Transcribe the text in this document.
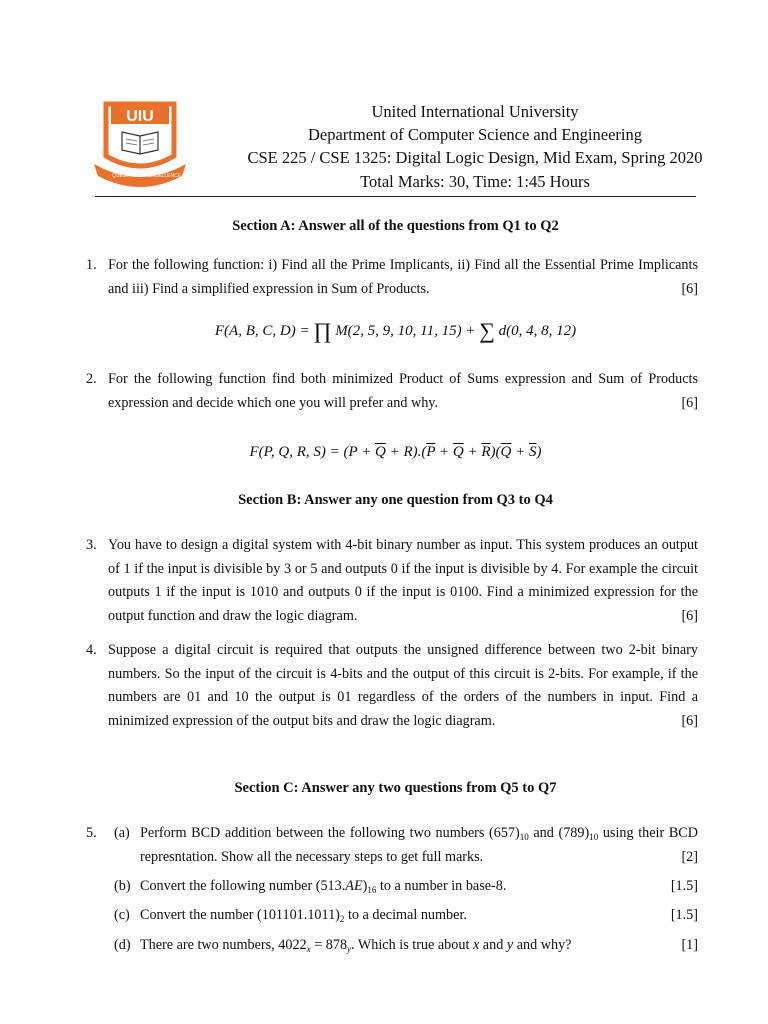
UIU
QUEST	EXCELLENCE
United International University
Department of Computer Science and Engineering
CSE 225 / CSE 1325: Digital Logic Design, Mid Exam, Spring 2020
Total Marks: 30, Time: 1:45 Hours
Section A: Answer all of the questions from Q1 to Q2
1. For the following function: i) Find all the Prime Implicants, ii) Find all the Essential Prime Implicants and iii) Find a simplified expression in Sum of Products.	[6]
F(A, B, C, D) = ∏ M(2, 5, 9, 10, 11, 15) + ∑ d(0, 4, 8, 12)
2. For the following function find both minimized Product of Sums expression and Sum of Products expression and decide which one you will prefer and why.	[6]
F(P, Q, R, $S) = (P + \overline{Q} + R).(\overline{P} + \overline{Q} + \overline{R})(\overline{Q} + \overline{S})$
Section B: Answer any one question from Q3 to Q4
3. You have to design a digital system with 4-bit binary number as input. This system produces an output of 1 if the input is divisible by 3 or 5 and outputs 0 if the input is divisible by 4. For example the circuit outputs 1 if the input is 1010 and outputs 0 if the input is 0100. Find a minimized expression for the output function and draw the logic diagram.	[6]
4. Suppose a digital circuit is required that outputs the unsigned difference between two 2-bit binary numbers. So the input of the circuit is 4-bits and the output of this circuit is 2-bits. For example, if the numbers are 01 and 10 the output is 01 regardless of the orders of the numbers in input. Find a minimized expression of the output bits and draw the logic diagram.	[6]
Section C: Answer any two questions from Q5 to Q7
5. (a) Perform BCD addition between the following two numbers $(657)_{10}$ and $(789)_{10}$ using their BCD represntation. Show all the necessary steps to get full marks.	[2]
(b) Convert the following number $(513.AE)_{16}$ to a number in base-8.	[1.5]
(c) Convert the number $(101101.1011)_2$ to a decimal number.	[1.5]
(d) There are two numbers, $4022_x = 878_y$. Which is true about x and y and why?	[1]
